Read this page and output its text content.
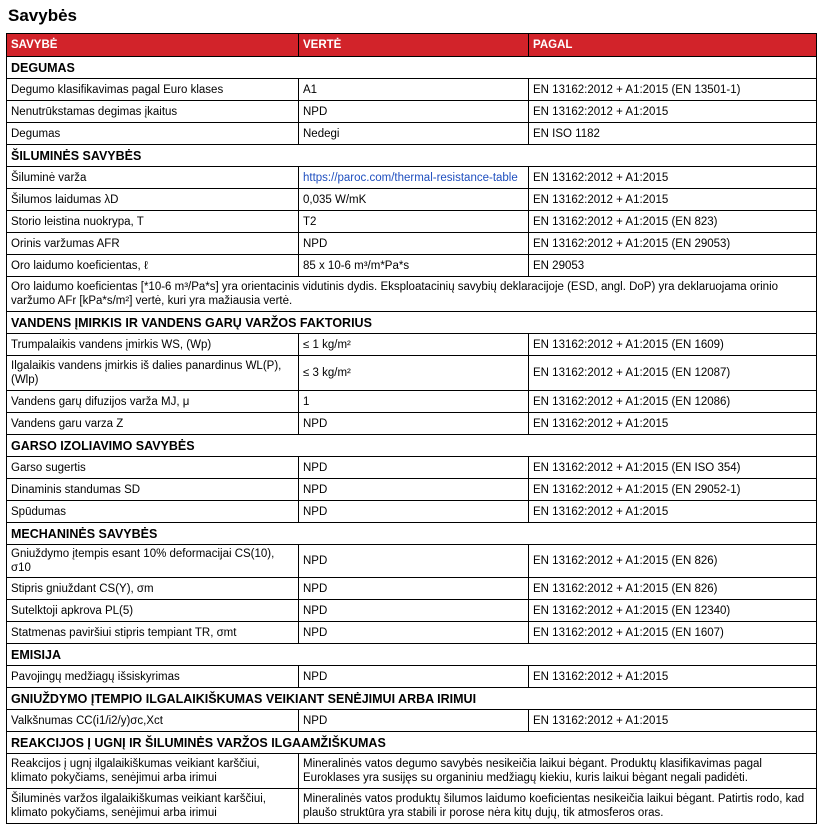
Savybės
SAVYBĖ	VERTĖ	PAGAL
DEGUMAS		
Degumo klasifikavimas pagal Euro klases	A1	EN 13162:2012 + A1:2015 (EN 13501-1)
Nenutrūkstamas degimas įkaitus	NPD	EN 13162:2012 + A1:2015
Degumas	Nedegi	EN ISO 1182
ŠILUMINĖS SAVYBĖS		
Šiluminė varža	https://paroc.com/thermal-resistance-table	EN 13162:2012 + A1:2015
Šilumos laidumas λD	0,035 W/mK	EN 13162:2012 + A1:2015
Storio leistina nuokrypa, T	T2	EN 13162:2012 + A1:2015 (EN 823)
Orinis varžumas AFR	NPD	EN 13162:2012 + A1:2015 (EN 29053)
Oro laidumo koeficientas, ℓ	85 x 10-6 m³/m*Pa*s	EN 29053
Oro laidumo koeficientas [*10-6 m³/Pa*s] yra orientacinis vidutinis dydis. Eksploatacinių savybių deklaracijoje (ESD, angl. DoP) yra deklaruojama orinio varžumo AFr [kPa*s/m²] vertė, kuri yra mažiausia vertė.		
VANDENS ĮMIRKIS IR VANDENS GARŲ VARŽOS FAKTORIUS		
Trumpalaikis vandens įmirkis WS, (Wp)	≤ 1 kg/m²	EN 13162:2012 + A1:2015 (EN 1609)
Ilgalaikis vandens įmirkis iš dalies panardinus WL(P), (Wlp)	≤ 3 kg/m²	EN 13162:2012 + A1:2015 (EN 12087)
Vandens garų difuzijos varža MJ, μ	1	EN 13162:2012 + A1:2015 (EN 12086)
Vandens garu varza Z	NPD	EN 13162:2012 + A1:2015
GARSO IZOLIAVIMO SAVYBĖS		
Garso sugertis	NPD	EN 13162:2012 + A1:2015 (EN ISO 354)
Dinaminis standumas SD	NPD	EN 13162:2012 + A1:2015 (EN 29052-1)
Spūdumas	NPD	EN 13162:2012 + A1:2015
MECHANINĖS SAVYBĖS		
Gniuždymo įtempis esant 10% deformacijai CS(10), σ10	NPD	EN 13162:2012 + A1:2015 (EN 826)
Stipris gniuždant CS(Y), σm	NPD	EN 13162:2012 + A1:2015 (EN 826)
Sutelktoji apkrova PL(5)	NPD	EN 13162:2012 + A1:2015 (EN 12340)
Statmenas paviršiui stipris tempiant TR, σmt	NPD	EN 13162:2012 + A1:2015 (EN 1607)
EMISIJA		
Pavojingų medžiagų išsiskyrimas	NPD	EN 13162:2012 + A1:2015
GNIUŽDYMO ĮTEMPIO ILGALAIKIŠKUMAS VEIKIANT SENĖJIMUI ARBA IRIMUI		
Valkšnumas CC(i1/i2/y)σc,Xct	NPD	EN 13162:2012 + A1:2015
REAKCIJOS Į UGNĮ IR ŠILUMINĖS VARŽOS ILGAAMŽIŠKUMAS		
Reakcijos į ugnį ilgalaikiškumas veikiant karščiui, klimato pokyčiams, senėjimui arba irimui	Mineralinės vatos degumo savybės nesikeičia laikui bėgant. Produktų klasifikavimas pagal Euroklases yra susijęs su organiniu medžiagų kiekiu, kuris laikui bėgant negali padidėti.	
Šiluminės varžos ilgalaikiškumas veikiant karščiui, klimato pokyčiams, senėjimui arba irimui	Mineralinės vatos produktų šilumos laidumo koeficientas nesikeičia laikui bėgant. Patirtis rodo, kad plaušo struktūra yra stabili ir porose nėra kitų dujų, tik atmosferos oras.	
